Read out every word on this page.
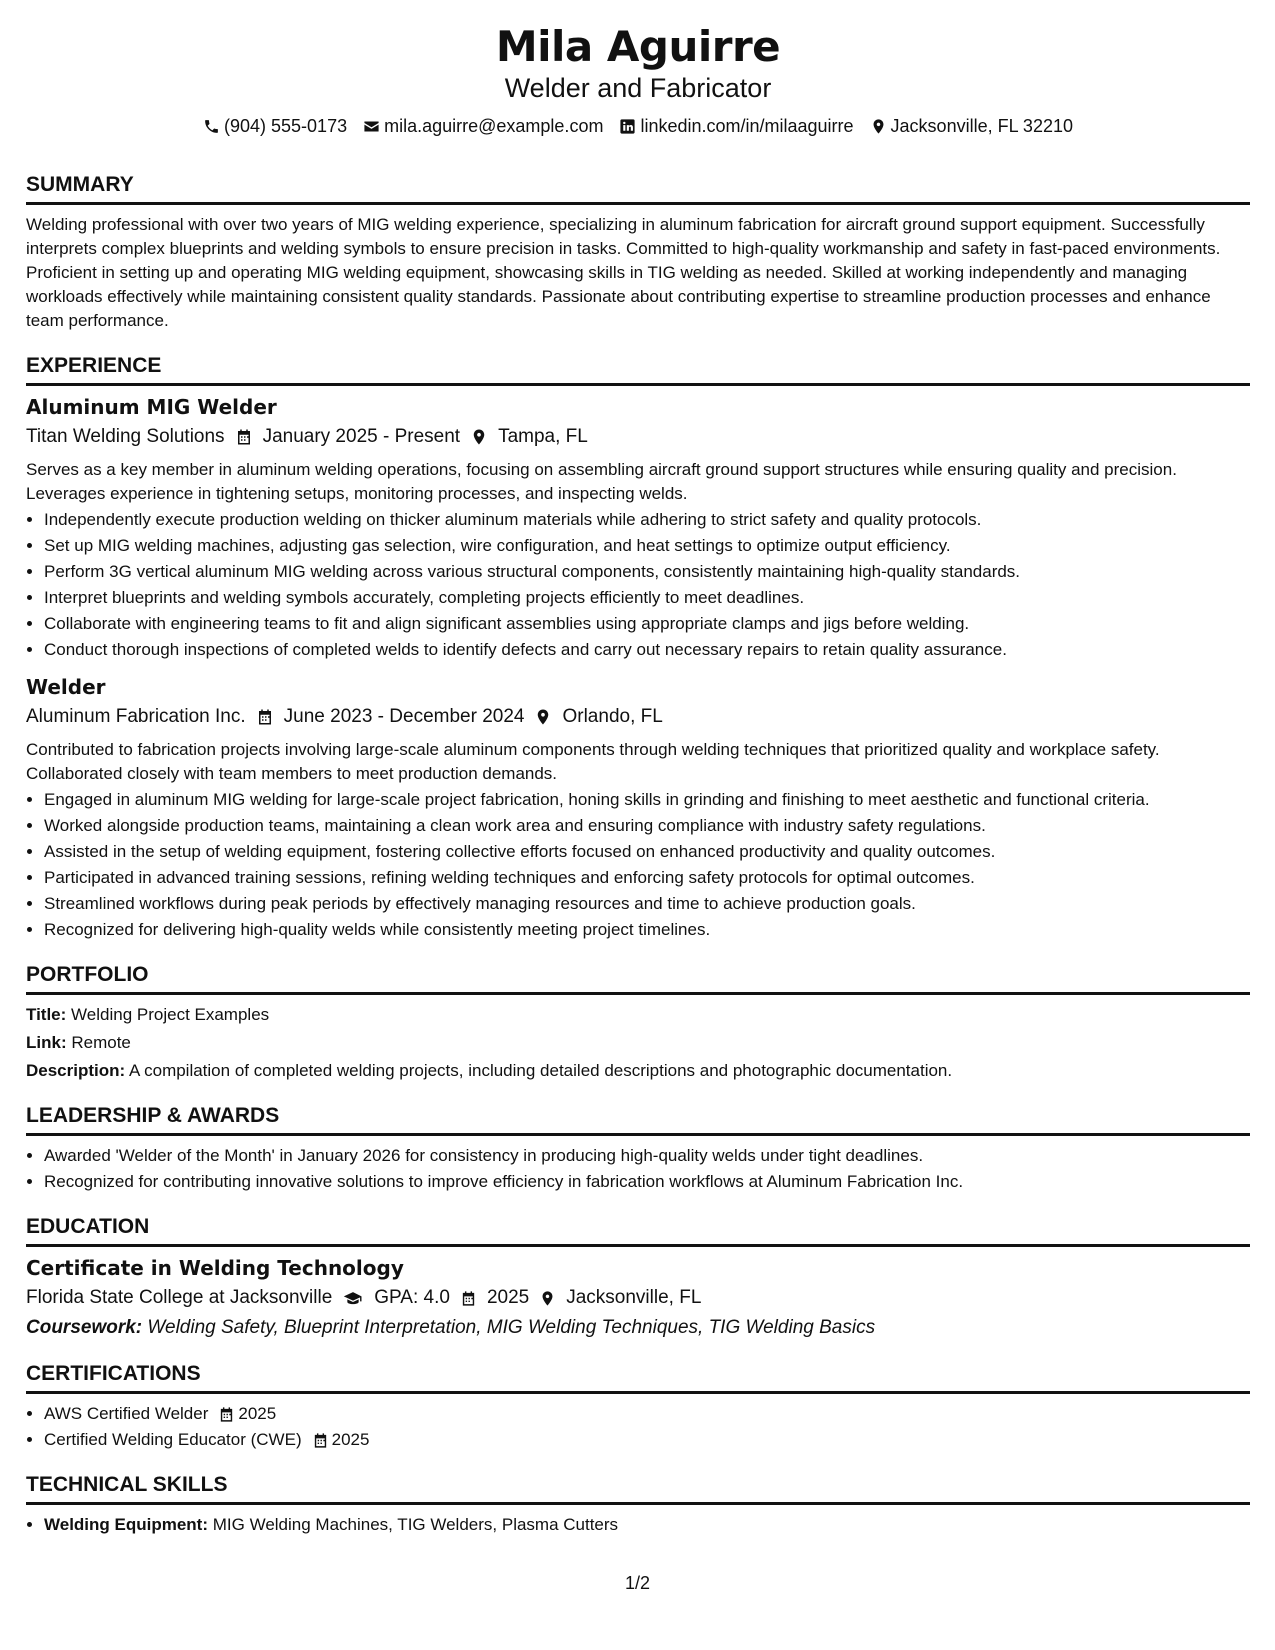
Mila Aguirre
Welder and Fabricator
(904) 555-0173 mila.aguirre@example.com linkedin.com/in/milaaguirre Jacksonville, FL 32210
SUMMARY

Welding professional with over two years of MIG welding experience, specializing in aluminum fabrication for aircraft ground support equipment. Successfully interprets complex blueprints and welding symbols to ensure precision in tasks. Committed to high-quality workmanship and safety in fast-paced environments. Proficient in setting up and operating MIG welding equipment, showcasing skills in TIG welding as needed. Skilled at working independently and managing workloads effectively while maintaining consistent quality standards. Passionate about contributing expertise to streamline production processes and enhance team performance.

EXPERIENCE
Aluminum MIG Welder
Titan Welding Solutions January 2025 - Present Tampa, FL

Serves as a key member in aluminum welding operations, focusing on assembling aircraft ground support structures while ensuring quality and precision. Leverages experience in tightening setups, monitoring processes, and inspecting welds.

• Independently execute production welding on thicker aluminum materials while adhering to strict safety and quality protocols.
• Set up MIG welding machines, adjusting gas selection, wire configuration, and heat settings to optimize output efficiency.
• Perform 3G vertical aluminum MIG welding across various structural components, consistently maintaining high-quality standards.
• Interpret blueprints and welding symbols accurately, completing projects efficiently to meet deadlines.
• Collaborate with engineering teams to fit and align significant assemblies using appropriate clamps and jigs before welding.
• Conduct thorough inspections of completed welds to identify defects and carry out necessary repairs to retain quality assurance.
Welder
Aluminum Fabrication Inc. June 2023 - December 2024 Orlando, FL

Contributed to fabrication projects involving large-scale aluminum components through welding techniques that prioritized quality and workplace safety. Collaborated closely with team members to meet production demands.

• Engaged in aluminum MIG welding for large-scale project fabrication, honing skills in grinding and finishing to meet aesthetic and functional criteria.
• Worked alongside production teams, maintaining a clean work area and ensuring compliance with industry safety regulations.
• Assisted in the setup of welding equipment, fostering collective efforts focused on enhanced productivity and quality outcomes.
• Participated in advanced training sessions, refining welding techniques and enforcing safety protocols for optimal outcomes.
• Streamlined workflows during peak periods by effectively managing resources and time to achieve production goals.
• Recognized for delivering high-quality welds while consistently meeting project timelines.
PORTFOLIO
Title: Welding Project Examples
Link: Remote
Description: A compilation of completed welding projects, including detailed descriptions and photographic documentation.
LEADERSHIP & AWARDS
• Awarded 'Welder of the Month' in January 2026 for consistency in producing high-quality welds under tight deadlines.
• Recognized for contributing innovative solutions to improve efficiency in fabrication workflows at Aluminum Fabrication Inc.
EDUCATION
Certificate in Welding Technology
Florida State College at Jacksonville GPA: 4.0 2025 Jacksonville, FL
Coursework: Welding Safety, Blueprint Interpretation, MIG Welding Techniques, TIG Welding Basics
CERTIFICATIONS
• AWS Certified Welder 2025
• Certified Welding Educator (CWE) 2025
TECHNICAL SKILLS
• Welding Equipment: MIG Welding Machines, TIG Welders, Plasma Cutters
1/2
